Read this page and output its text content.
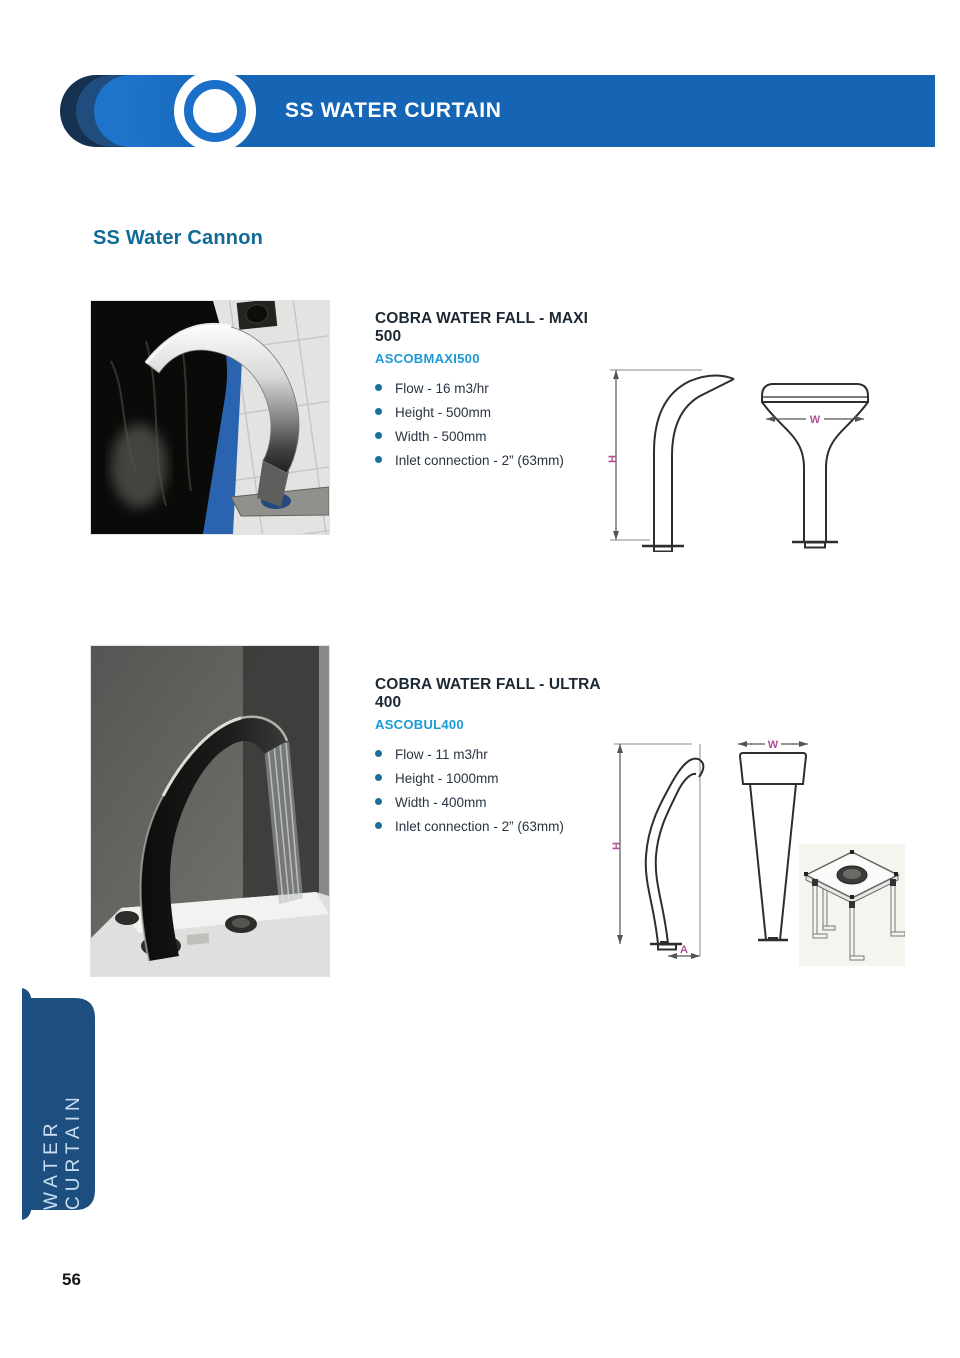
SS WATER CURTAIN
SS Water Cannon
COBRA WATER FALL - MAXI 500
ASCOBMAXI500
Flow - 16 m3/hr
Height - 500mm
Width - 500mm
Inlet connection - 2” (63mm)	H
W
COBRA WATER FALL - ULTRA 400
ASCOBUL400
Flow - 11 m3/hr
Height - 1000mm
Width - 400mm
Inlet connection - 2” (63mm)
H
A
W
WATER CURTAIN
56
